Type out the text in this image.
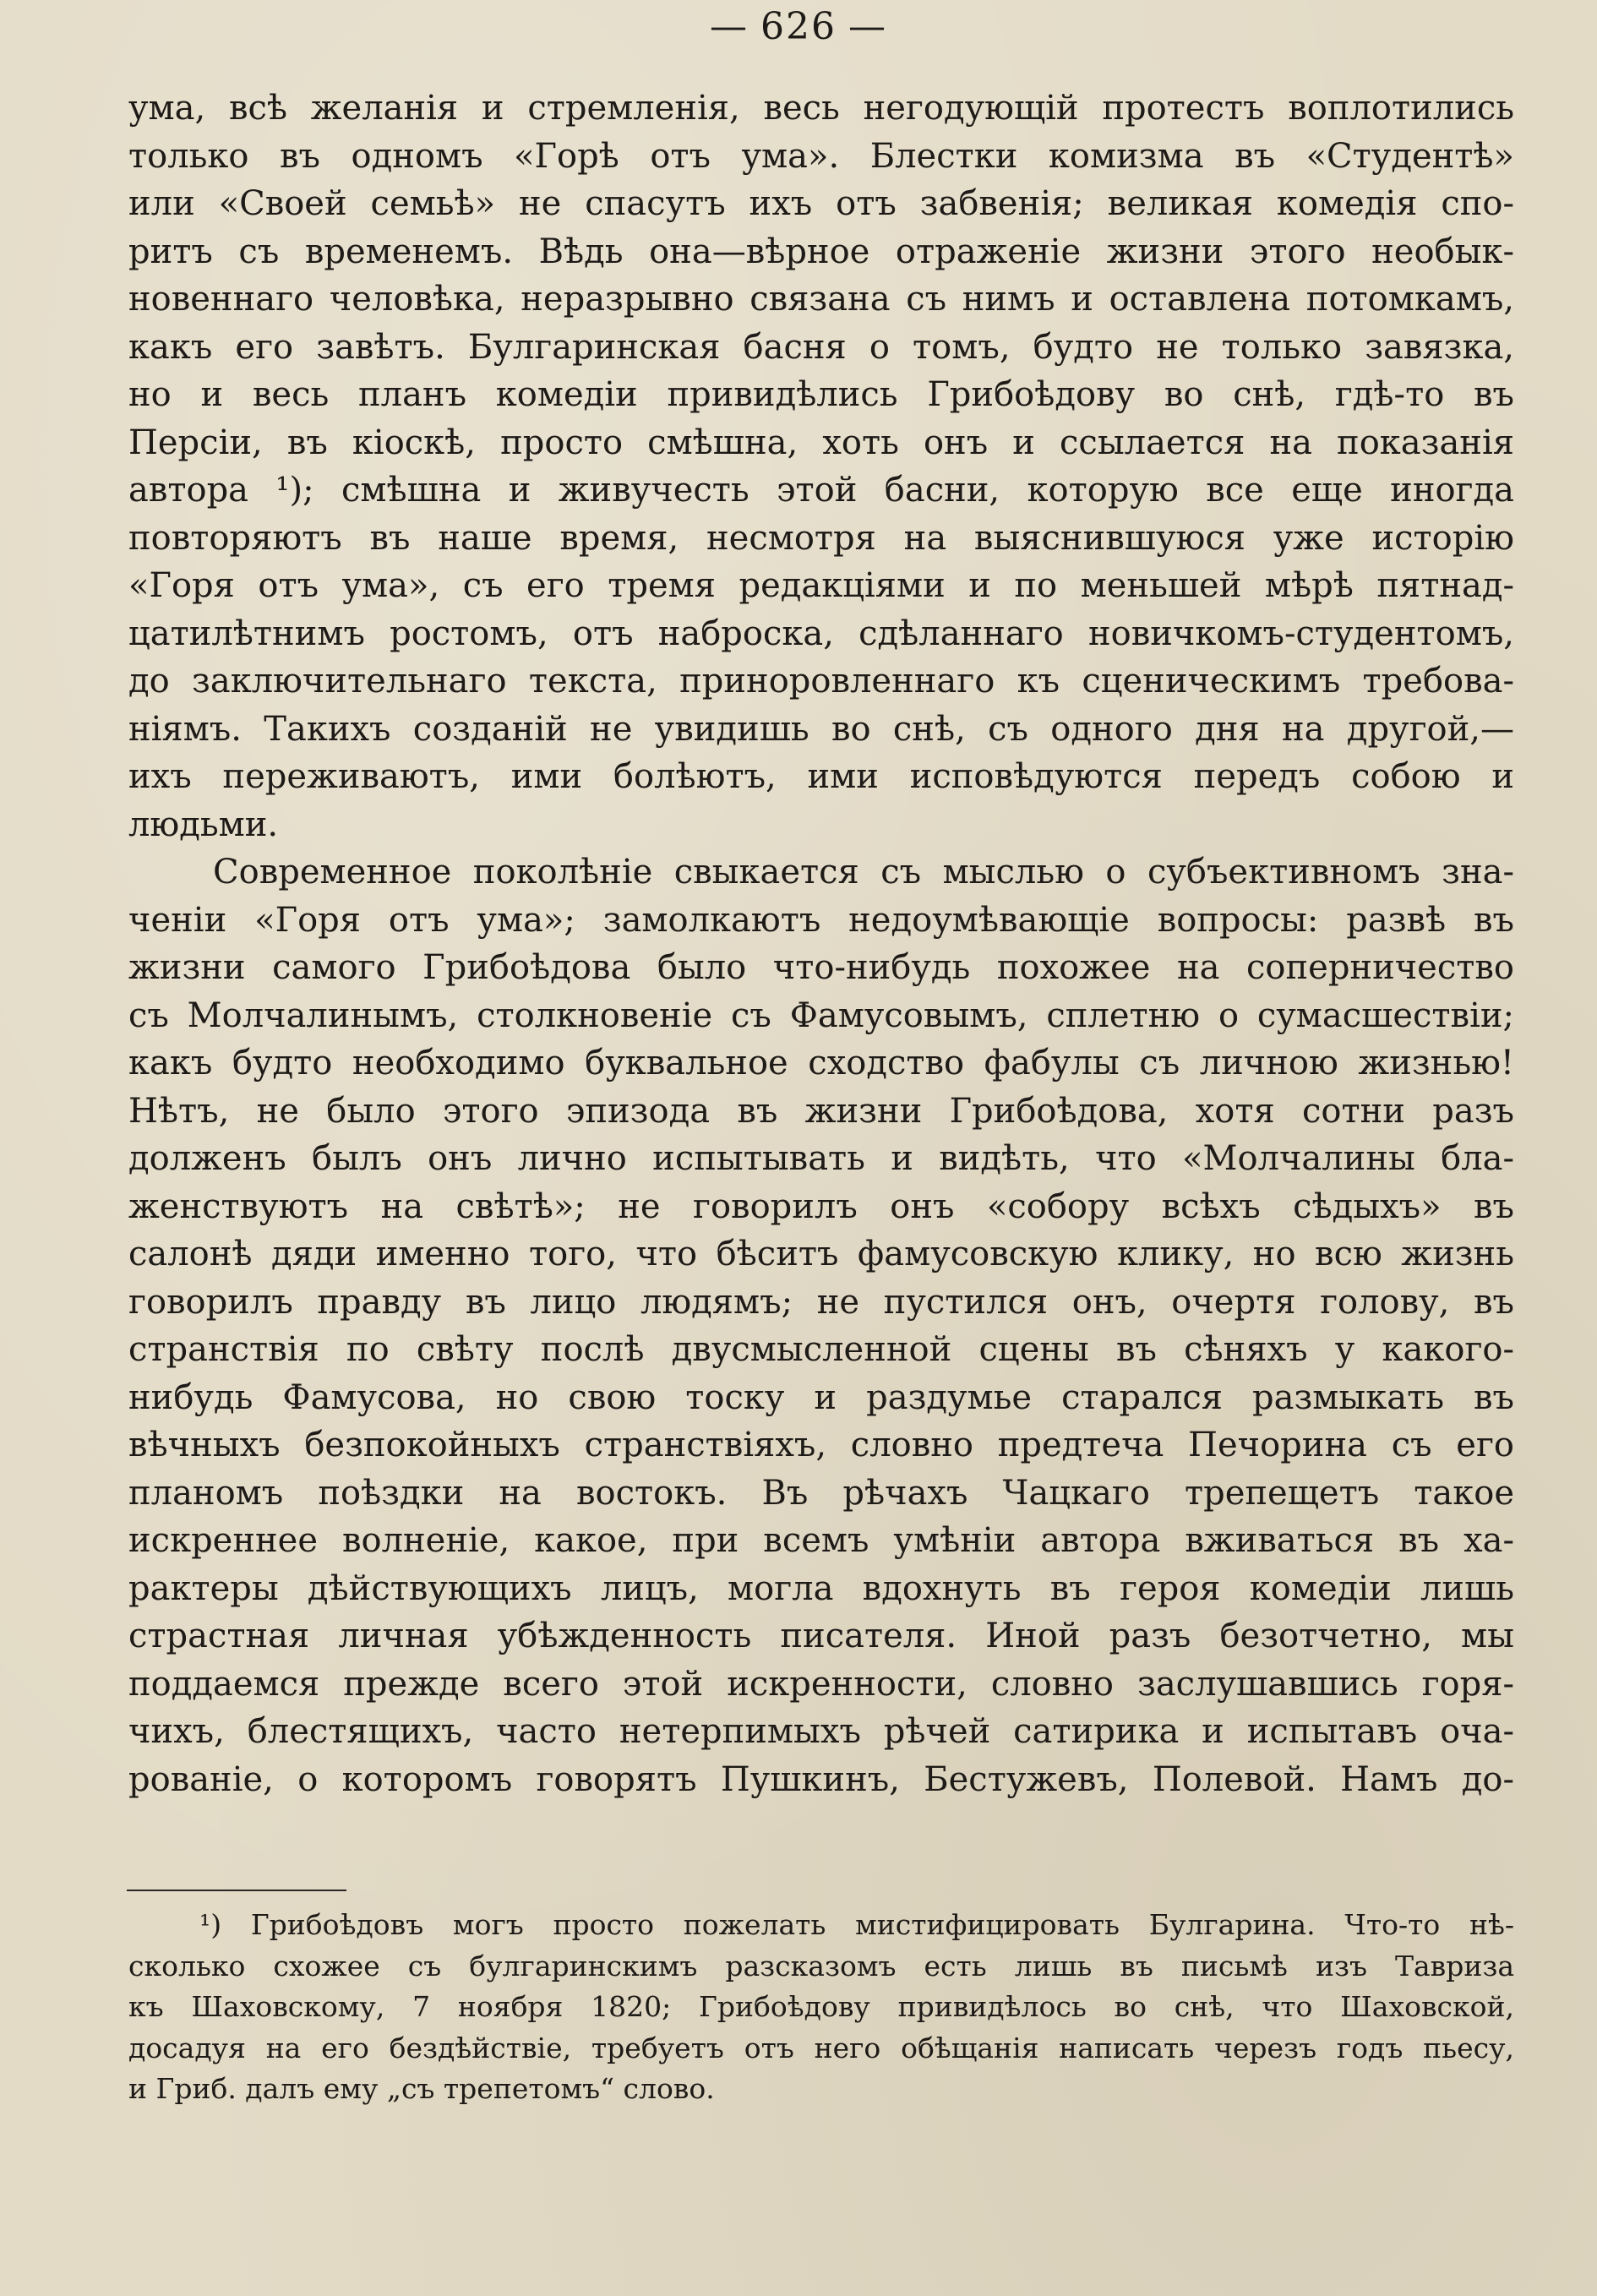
— 626 —
ума, всѣ желанія и стремленія, весь негодующій протестъ воплотились
только въ одномъ «Горѣ отъ ума». Блестки комизма въ «Студентѣ»
или «Своей семьѣ» не спасутъ ихъ отъ забвенія; великая комедія спо-
ритъ съ временемъ. Вѣдь она—вѣрное отраженіе жизни этого необык-
новеннаго человѣка, неразрывно связана съ нимъ и оставлена потомкамъ,
какъ его завѣтъ. Булгаринская басня о томъ, будто не только завязка,
но и весь планъ комедіи привидѣлись Грибоѣдову во снѣ, гдѣ-то въ
Персіи, въ кіоскѣ, просто смѣшна, хоть онъ и ссылается на показанія
автора ¹); смѣшна и живучесть этой басни, которую все еще иногда
повторяютъ въ наше время, несмотря на выяснившуюся уже исторію
«Горя отъ ума», съ его тремя редакціями и по меньшей мѣрѣ пятнад-
цатилѣтнимъ ростомъ, отъ наброска, сдѣланнаго новичкомъ-студентомъ,
до заключительнаго текста, приноровленнаго къ сценическимъ требова-
ніямъ. Такихъ созданій не увидишь во снѣ, съ одного дня на другой,—
ихъ переживаютъ, ими болѣютъ, ими исповѣдуются передъ собою и
людьми.
Современное поколѣніе свыкается съ мыслью о субъективномъ зна-
ченіи «Горя отъ ума»; замолкаютъ недоумѣвающіе вопросы: развѣ въ
жизни самого Грибоѣдова было что-нибудь похожее на соперничество
съ Молчалинымъ, столкновеніе съ Фамусовымъ, сплетню о сумасшествіи;
какъ будто необходимо буквальное сходство фабулы съ личною жизнью!
Нѣтъ, не было этого эпизода въ жизни Грибоѣдова, хотя сотни разъ
долженъ былъ онъ лично испытывать и видѣть, что «Молчалины бла-
женствуютъ на свѣтѣ»; не говорилъ онъ «собору всѣхъ сѣдыхъ» въ
салонѣ дяди именно того, что бѣситъ фамусовскую клику, но всю жизнь
говорилъ правду въ лицо людямъ; не пустился онъ, очертя голову, въ
странствія по свѣту послѣ двусмысленной сцены въ сѣняхъ у какого-
нибудь Фамусова, но свою тоску и раздумье старался размыкать въ
вѣчныхъ безпокойныхъ странствіяхъ, словно предтеча Печорина съ его
планомъ поѣздки на востокъ. Въ рѣчахъ Чацкаго трепещетъ такое
искреннее волненіе, какое, при всемъ умѣніи автора вживаться въ ха-
рактеры дѣйствующихъ лицъ, могла вдохнуть въ героя комедіи лишь
страстная личная убѣжденность писателя. Иной разъ безотчетно, мы
поддаемся прежде всего этой искренности, словно заслушавшись горя-
чихъ, блестящихъ, часто нетерпимыхъ рѣчей сатирика и испытавъ оча-
рованіе, о которомъ говорятъ Пушкинъ, Бестужевъ, Полевой. Намъ до-
¹) Грибоѣдовъ могъ просто пожелать мистифицировать Булгарина. Что-то нѣ-
сколько схожее съ булгаринскимъ разсказомъ есть лишь въ письмѣ изъ Тавриза
къ Шаховскому, 7 ноября 1820; Грибоѣдову привидѣлось во снѣ, что Шаховской,
досадуя на его бездѣйствіе, требуетъ отъ него обѣщанія написать черезъ годъ пьесу,
и Гриб. далъ ему „съ трепетомъ“ слово.
